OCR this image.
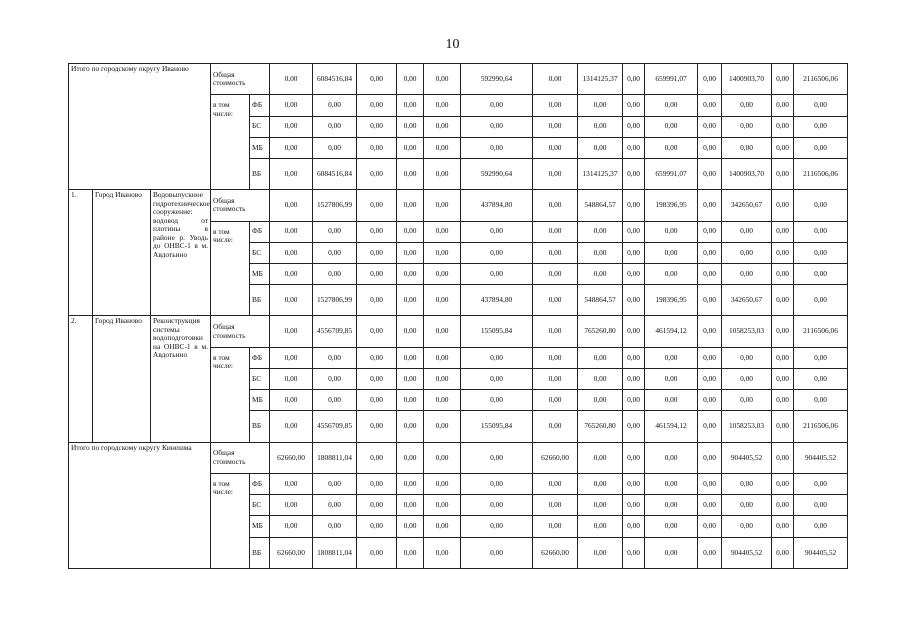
10
Итого по городскому округу Иваново			Общая стоимость		0,00	6084516,84	0,00	0,00	0,00	592990,64	0,00	1314125,37	0,00	659991,07	0,00	1400903,70	0,00	2116506,06
			в том числе:	ФБ	0,00	0,00	0,00	0,00	0,00	0,00	0,00	0,00	0,00	0,00	0,00	0,00	0,00	0,00
				БС	0,00	0,00	0,00	0,00	0,00	0,00	0,00	0,00	0,00	0,00	0,00	0,00	0,00	0,00
				МБ	0,00	0,00	0,00	0,00	0,00	0,00	0,00	0,00	0,00	0,00	0,00	0,00	0,00	0,00
				ВБ	0,00	6084516,84	0,00	0,00	0,00	592990,64	0,00	1314125,37	0,00	659991,07	0,00	1400903,70	0,00	2116506,06
1.	Город Иваново	Водовыпускное гидротехническое сооружение: водовод от плотины в районе р. Уводь до ОНВС-1 в м. Авдотьино	Общая стоимость		0,00	1527806,99	0,00	0,00	0,00	437894,80	0,00	548864,57	0,00	198396,95	0,00	342650,67	0,00	0,00
			в том числе:	ФБ	0,00	0,00	0,00	0,00	0,00	0,00	0,00	0,00	0,00	0,00	0,00	0,00	0,00	0,00
				БС	0,00	0,00	0,00	0,00	0,00	0,00	0,00	0,00	0,00	0,00	0,00	0,00	0,00	0,00
				МБ	0,00	0,00	0,00	0,00	0,00	0,00	0,00	0,00	0,00	0,00	0,00	0,00	0,00	0,00
				ВБ	0,00	1527806,99	0,00	0,00	0,00	437894,80	0,00	548864,57	0,00	198396,95	0,00	342650,67	0,00	0,00
2.	Город Иваново	Реконструкция системы водоподготовки на ОНВС-1 в м. Авдотьино	Общая стоимость		0,00	4556709,85	0,00	0,00	0,00	155095,84	0,00	765260,80	0,00	461594,12	0,00	1058253,03	0,00	2116506,06
			в том числе:	ФБ	0,00	0,00	0,00	0,00	0,00	0,00	0,00	0,00	0,00	0,00	0,00	0,00	0,00	0,00
				БС	0,00	0,00	0,00	0,00	0,00	0,00	0,00	0,00	0,00	0,00	0,00	0,00	0,00	0,00
				МБ	0,00	0,00	0,00	0,00	0,00	0,00	0,00	0,00	0,00	0,00	0,00	0,00	0,00	0,00
				ВБ	0,00	4556709,85	0,00	0,00	0,00	155095,84	0,00	765260,80	0,00	461594,12	0,00	1058253,03	0,00	2116506,06
Итого по городскому округу Кинешма			Общая стоимость		62660,00	1808811,04	0,00	0,00	0,00	0,00	62660,00	0,00	0,00	0,00	0,00	904405,52	0,00	904405,52
			в том числе:	ФБ	0,00	0,00	0,00	0,00	0,00	0,00	0,00	0,00	0,00	0,00	0,00	0,00	0,00	0,00
				БС	0,00	0,00	0,00	0,00	0,00	0,00	0,00	0,00	0,00	0,00	0,00	0,00	0,00	0,00
				МБ	0,00	0,00	0,00	0,00	0,00	0,00	0,00	0,00	0,00	0,00	0,00	0,00	0,00	0,00
				ВБ	62660,00	1808811,04	0,00	0,00	0,00	0,00	62660,00	0,00	0,00	0,00	0,00	904405,52	0,00	904405,52
